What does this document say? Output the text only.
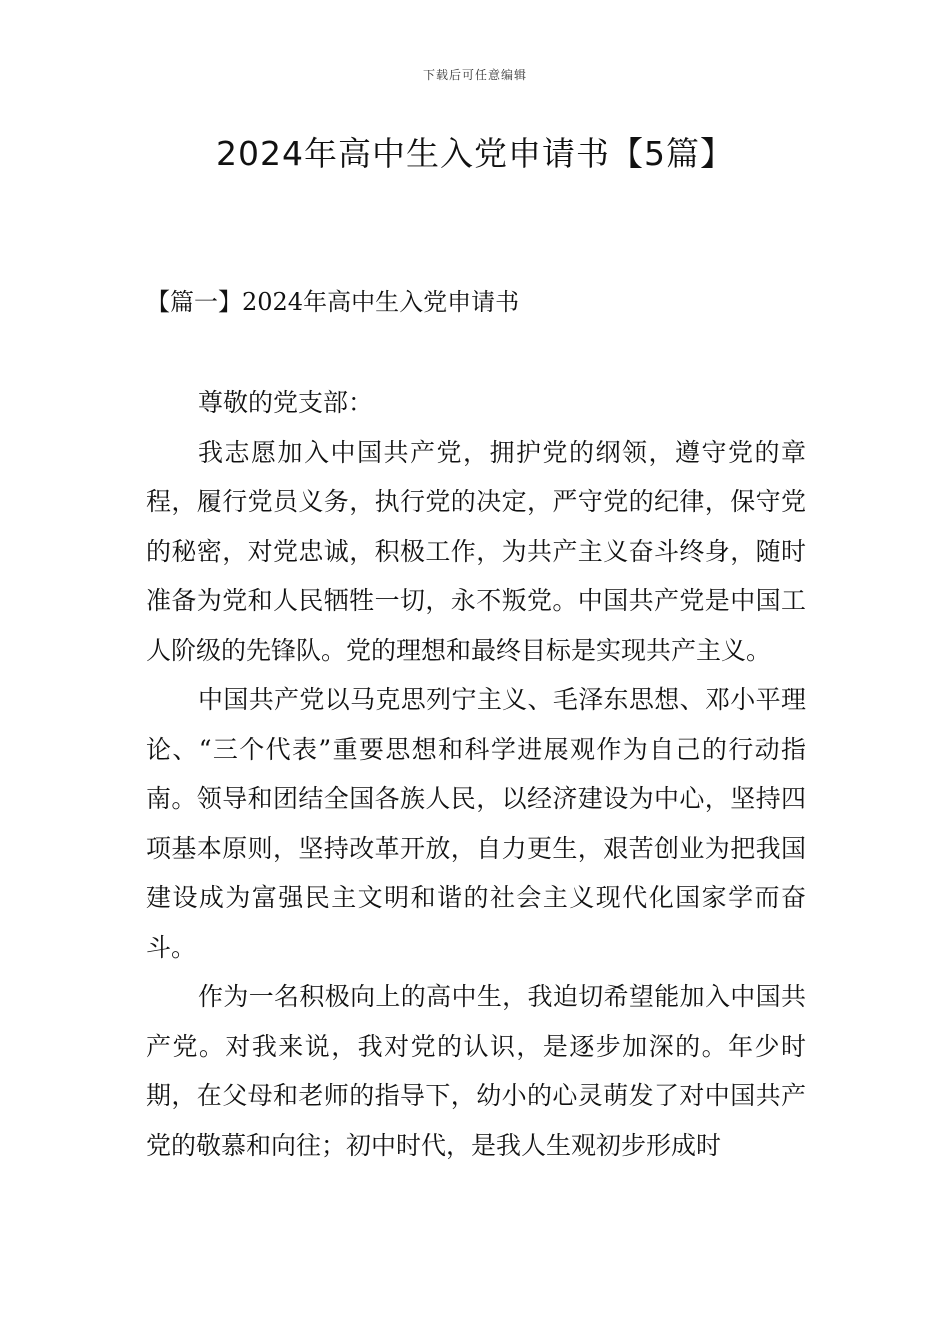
下载后可任意编辑
2024年高中生入党申请书【5篇】
【篇一】2024年高中生入党申请书

尊敬的党支部：

我志愿加入中国共产党，拥护党的纲领，遵守党的章程，履行党员义务，执行党的决定，严守党的纪律，保守党的秘密，对党忠诚，积极工作，为共产主义奋斗终身，随时准备为党和人民牺牲一切，永不叛党。中国共产党是中国工人阶级的先锋队。党的理想和最终目标是实现共产主义。

中国共产党以马克思列宁主义、毛泽东思想、邓小平理论、“三个代表”重要思想和科学进展观作为自己的行动指南。领导和团结全国各族人民，以经济建设为中心，坚持四项基本原则，坚持改革开放，自力更生，艰苦创业为把我国建设成为富强民主文明和谐的社会主义现代化国家学而奋斗。

作为一名积极向上的高中生，我迫切希望能加入中国共产党。对我来说，我对党的认识，是逐步加深的。年少时期，在父母和老师的指导下，幼小的心灵萌发了对中国共产党的敬慕和向往；初中时代，是我人生观初步形成时
